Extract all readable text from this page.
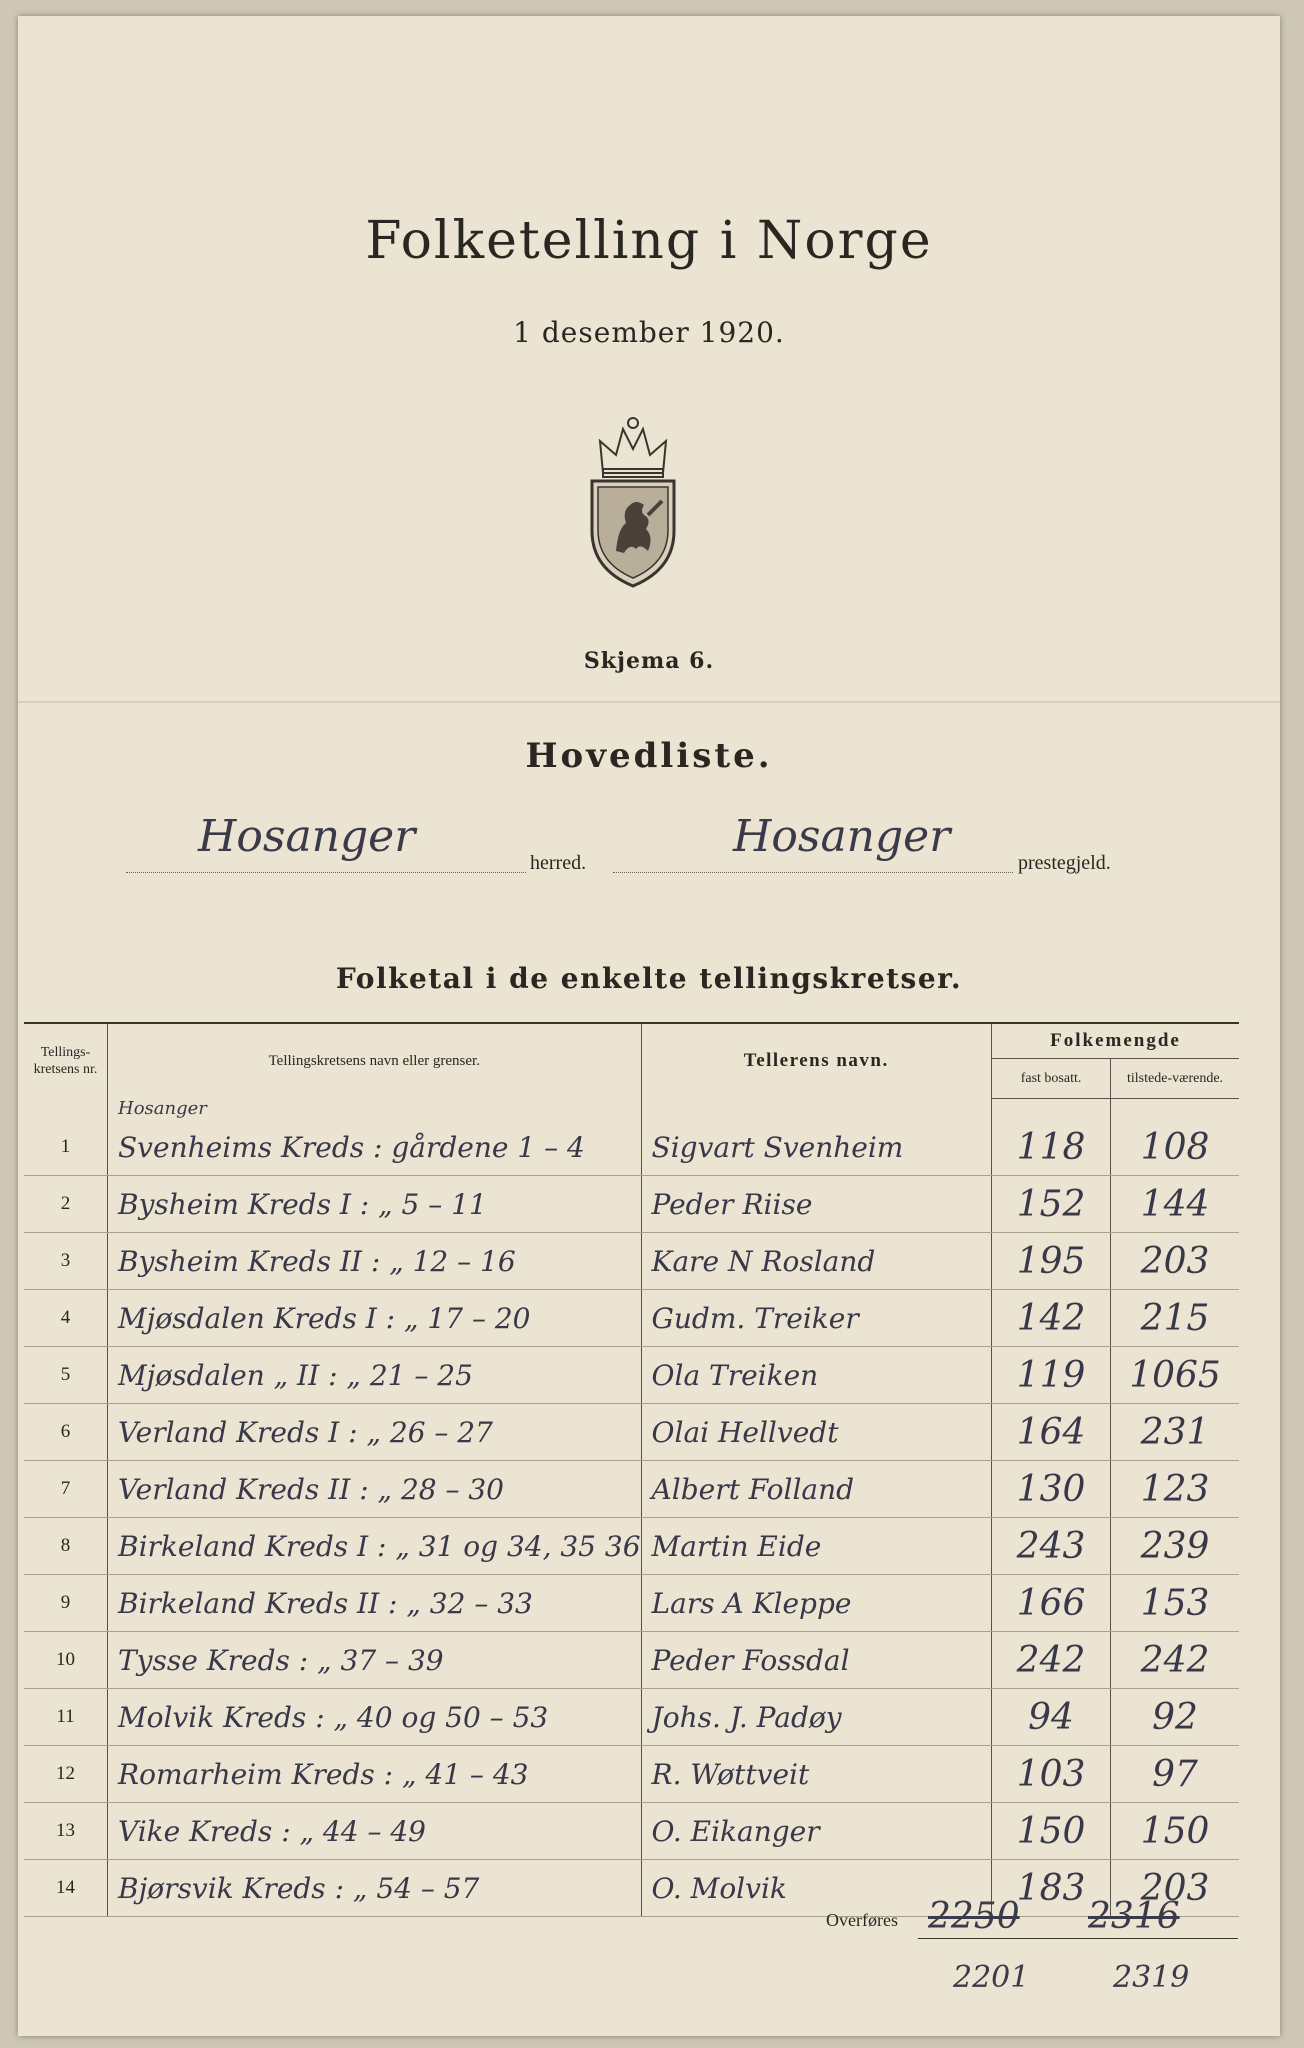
Folketelling i Norge
1 desember 1920.
Skjema 6.
Hovedliste.
Hosanger
herred.
Hosanger
prestegjeld.
Folketal i de enkelte tellingskretser.
Tellings-kretsens nr.	Tellingskretsens navn eller grenser.	Tellerens navn.	Folkemengde	
			fast bosatt.	tilstede-værende.
	Hosanger			
1	Svenheims Kreds : gårdene 1 – 4	Sigvart Svenheim	118	108
2	Bysheim Kreds I : „ 5 – 11	Peder Riise	152	144
3	Bysheim Kreds II : „ 12 – 16	Kare N Rosland	195	203
4	Mjøsdalen Kreds I : „ 17 – 20	Gudm. Treiker	142	215
5	Mjøsdalen „ II : „ 21 – 25	Ola Treiken	119	1065
6	Verland Kreds I : „ 26 – 27	Olai Hellvedt	164	231
7	Verland Kreds II : „ 28 – 30	Albert Folland	130	123
8	Birkeland Kreds I : „ 31 og 34, 35 36	Martin Eide	243	239
9	Birkeland Kreds II : „ 32 – 33	Lars A Kleppe	166	153
10	Tysse Kreds : „ 37 – 39	Peder Fossdal	242	242
11	Molvik Kreds : „ 40 og 50 – 53	Johs. J. Padøy	94	92
12	Romarheim Kreds : „ 41 – 43	R. Wøttveit	103	97
13	Vike Kreds : „ 44 – 49	O. Eikanger	150	150
14	Bjørsvik Kreds : „ 54 – 57	O. Molvik	183	203
Overføres 2250 2316
2201	2319
